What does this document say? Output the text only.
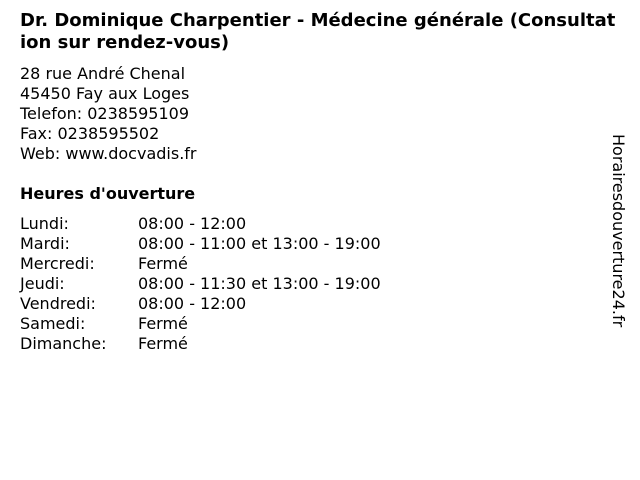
Dr. Dominique Charpentier - Médecine générale (Consultation sur rendez-vous)
28 rue André Chenal
45450 Fay aux Loges
Telefon: 0238595109
Fax: 0238595502
Web: www.docvadis.fr
Heures d'ouverture
Lundi:	08:00 - 12:00
Mardi:	08:00 - 11:00 et 13:00 - 19:00
Mercredi:	Fermé
Jeudi:	08:00 - 11:30 et 13:00 - 19:00
Vendredi:	08:00 - 12:00
Samedi:	Fermé
Dimanche:	Fermé
Horairesdouverture24.fr
